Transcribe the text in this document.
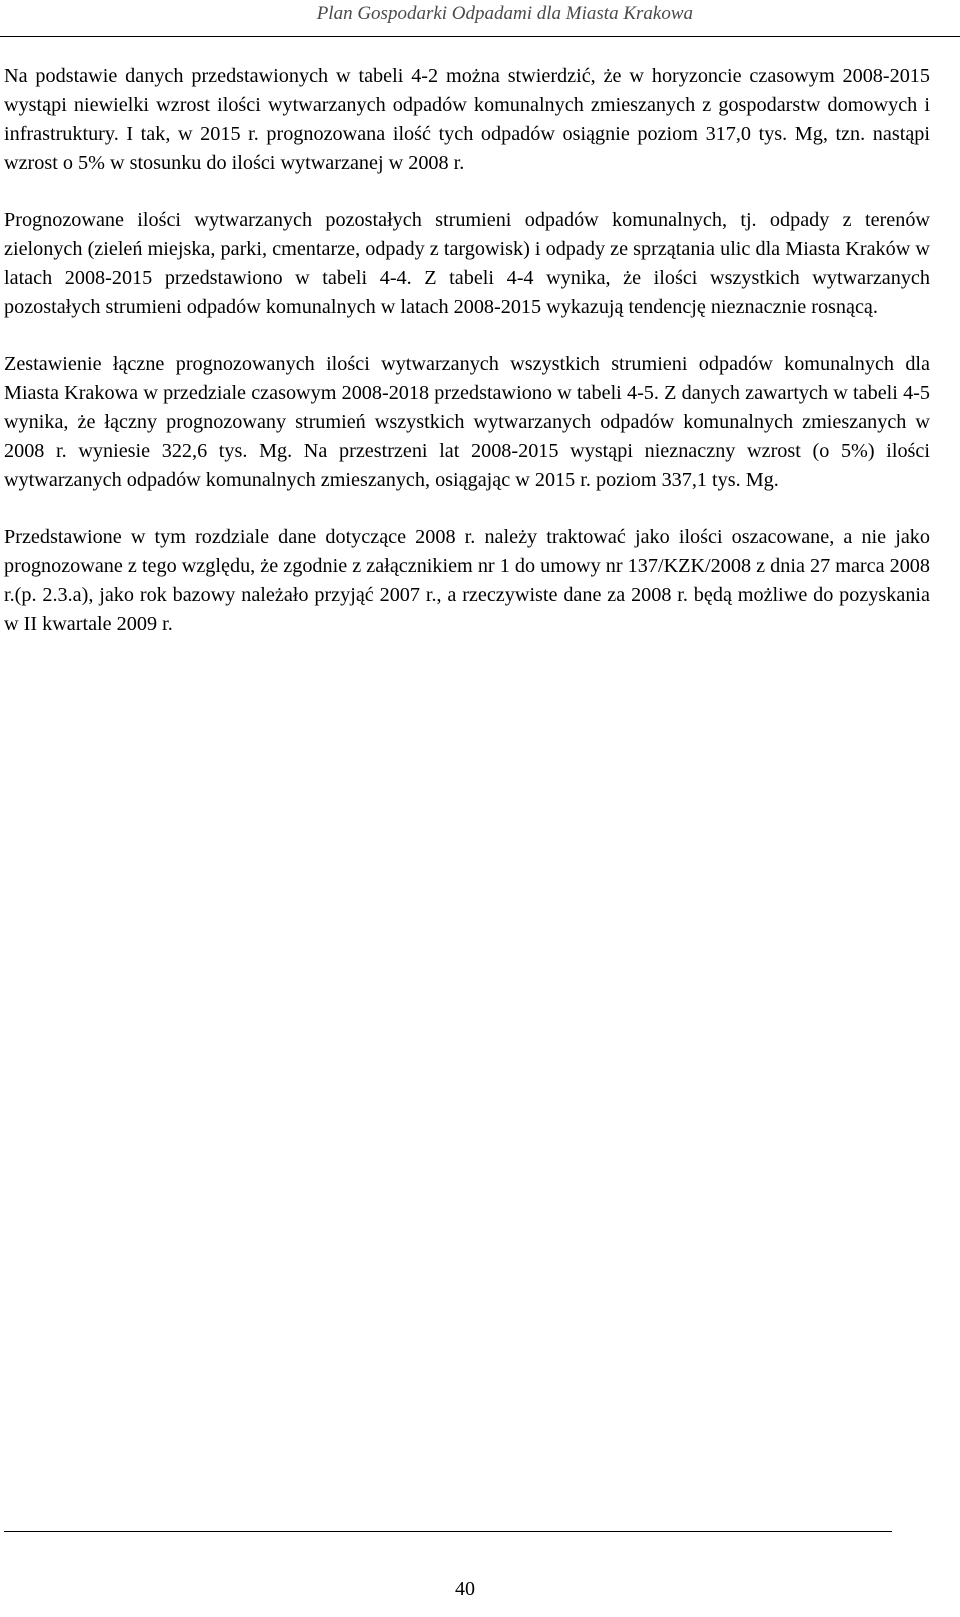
Plan Gospodarki Odpadami dla Miasta Krakowa

Na podstawie danych przedstawionych w tabeli 4-2 można stwierdzić, że w horyzoncie czasowym 2008-2015 wystąpi niewielki wzrost ilości wytwarzanych odpadów komunalnych zmieszanych z gospodarstw domowych i infrastruktury. I tak, w 2015 r. prognozowana ilość tych odpadów osiągnie poziom 317,0 tys. Mg, tzn. nastąpi wzrost o 5% w stosunku do ilości wytwarzanej w 2008 r.

Prognozowane ilości wytwarzanych pozostałych strumieni odpadów komunalnych, tj. odpady z terenów zielonych (zieleń miejska, parki, cmentarze, odpady z targowisk) i odpady ze sprzątania ulic dla Miasta Kraków w latach 2008-2015 przedstawiono w tabeli 4-4. Z tabeli 4-4 wynika, że ilości wszystkich wytwarzanych pozostałych strumieni odpadów komunalnych w latach 2008-2015 wykazują tendencję nieznacznie rosnącą.

Zestawienie łączne prognozowanych ilości wytwarzanych wszystkich strumieni odpadów komunalnych dla Miasta Krakowa w przedziale czasowym 2008-2018 przedstawiono w tabeli 4-5. Z danych zawartych w tabeli 4-5 wynika, że łączny prognozowany strumień wszystkich wytwarzanych odpadów komunalnych zmieszanych w 2008 r. wyniesie 322,6 tys. Mg. Na przestrzeni lat 2008-2015 wystąpi nieznaczny wzrost (o 5%) ilości wytwarzanych odpadów komunalnych zmieszanych, osiągając w 2015 r. poziom 337,1 tys. Mg.

Przedstawione w tym rozdziale dane dotyczące 2008 r. należy traktować jako ilości oszacowane, a nie jako prognozowane z tego względu, że zgodnie z załącznikiem nr 1 do umowy nr 137/KZK/2008 z dnia 27 marca 2008 r.(p. 2.3.a), jako rok bazowy należało przyjąć 2007 r., a rzeczywiste dane za 2008 r. będą możliwe do pozyskania w II kwartale 2009 r.

40
